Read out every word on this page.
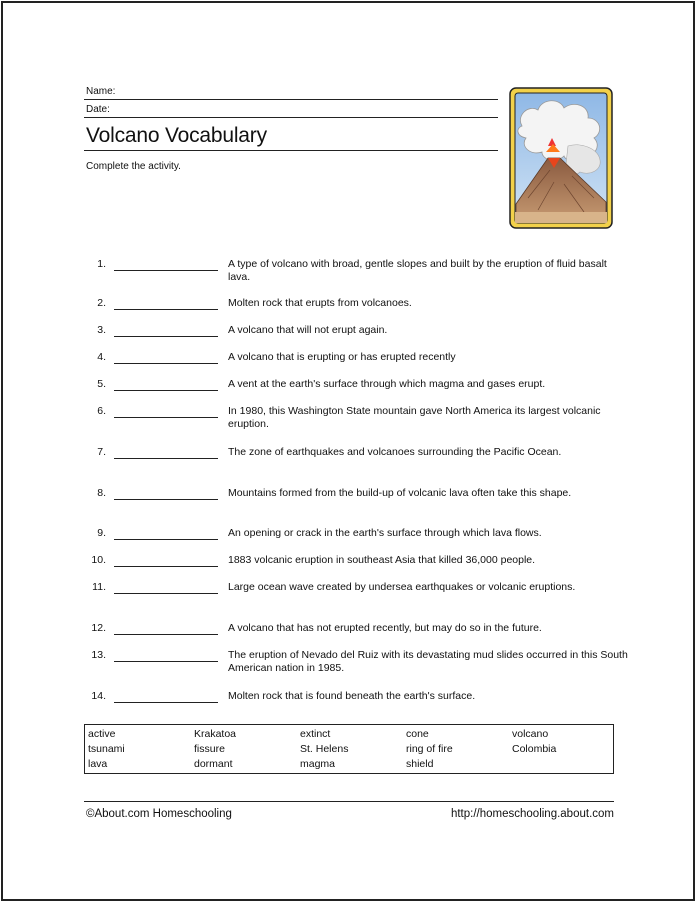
Name:
Date:
Volcano Vocabulary
Complete the activity.
1.	A type of volcano with broad, gentle slopes and built by the eruption of fluid basalt lava.
2.	Molten rock that erupts from volcanoes.
3.	A volcano that will not erupt again.
4.	A volcano that is erupting or has erupted recently
5.	A vent at the earth's surface through which magma and gases erupt.
6.	In 1980, this Washington State mountain gave North America its largest volcanic eruption.
7.	The zone of earthquakes and volcanoes surrounding the Pacific Ocean.
8.	Mountains formed from the build-up of volcanic lava often take this shape.
9.	An opening or crack in the earth's surface through which lava flows.
10.	1883 volcanic eruption in southeast Asia that killed 36,000 people.
11.	Large ocean wave created by undersea earthquakes or volcanic eruptions.
12.	A volcano that has not erupted recently, but may do so in the future.
13.	The eruption of Nevado del Ruiz with its devastating mud slides occurred in this South American nation in 1985.
14.	Molten rock that is found beneath the earth's surface.
active	Krakatoa	extinct	cone	volcano
tsunami	fissure	St. Helens	ring of fire	Colombia
lava	dormant	magma	shield
©About.com Homeschooling	http://homeschooling.about.com
